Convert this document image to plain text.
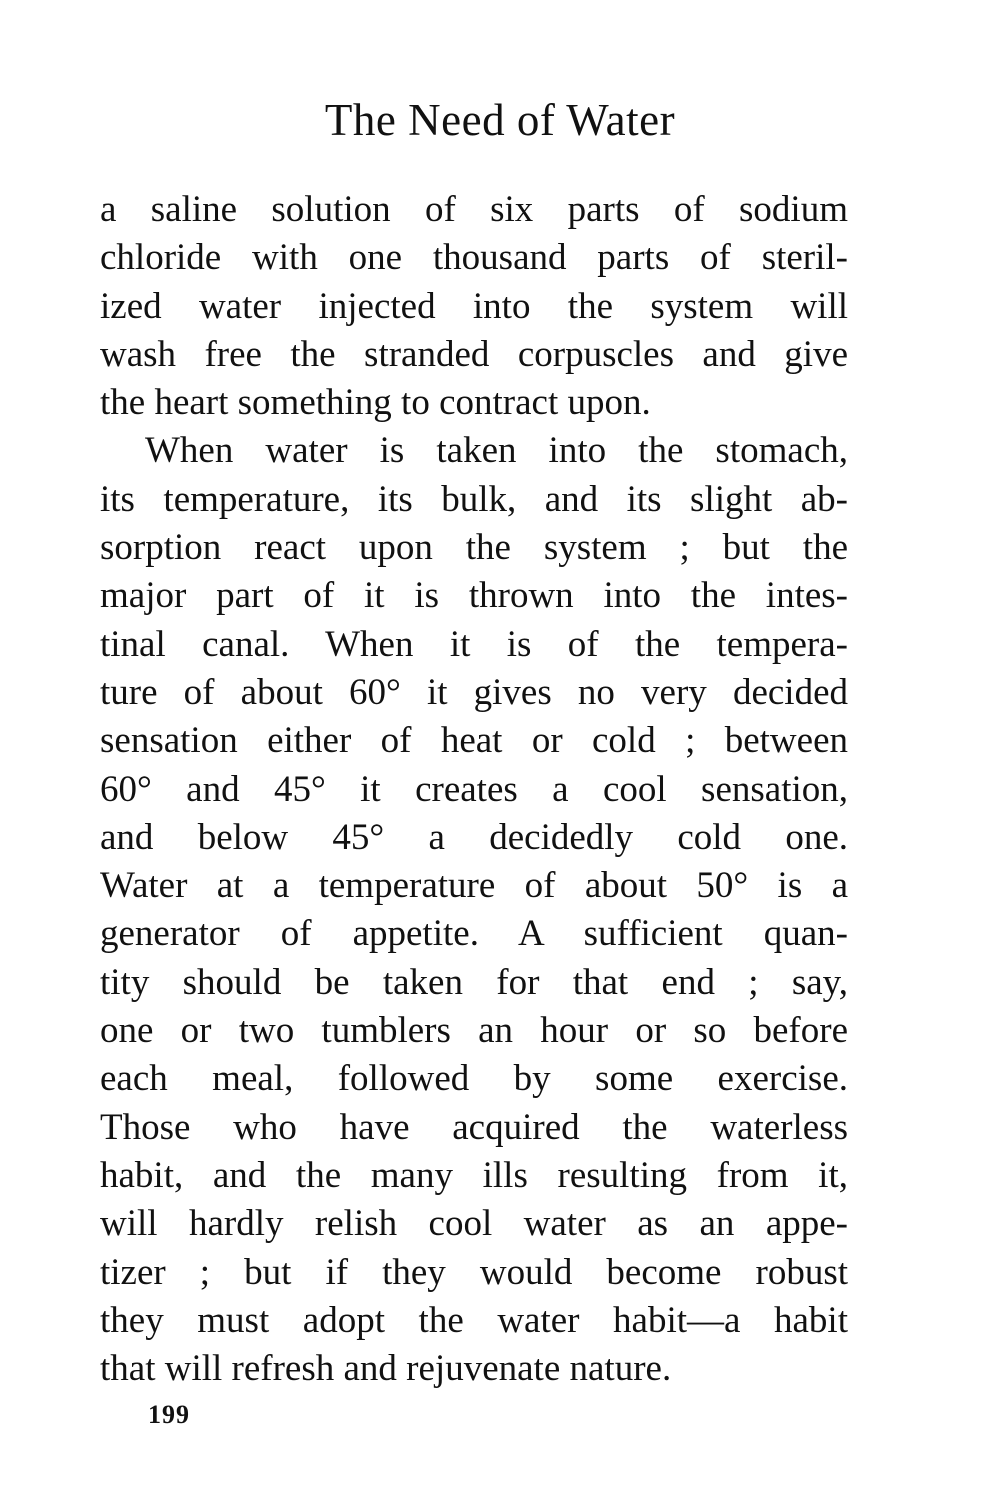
The Need of Water
a saline solution of six parts of sodium
chloride with one thousand parts of steril-
ized water injected into the system will
wash free the stranded corpuscles and give
the heart something to contract upon.
When water is taken into the stomach,
its temperature, its bulk, and its slight ab-
sorption react upon the system ; but the
major part of it is thrown into the intes-
tinal canal. When it is of the tempera-
ture of about 60° it gives no very decided
sensation either of heat or cold ; between
60° and 45° it creates a cool sensation,
and below 45° a decidedly cold one.
Water at a temperature of about 50° is a
generator of appetite. A sufficient quan-
tity should be taken for that end ; say,
one or two tumblers an hour or so before
each meal, followed by some exercise.
Those who have acquired the waterless
habit, and the many ills resulting from it,
will hardly relish cool water as an appe-
tizer ; but if they would become robust
they must adopt the water habit—a habit
that will refresh and rejuvenate nature.
199
